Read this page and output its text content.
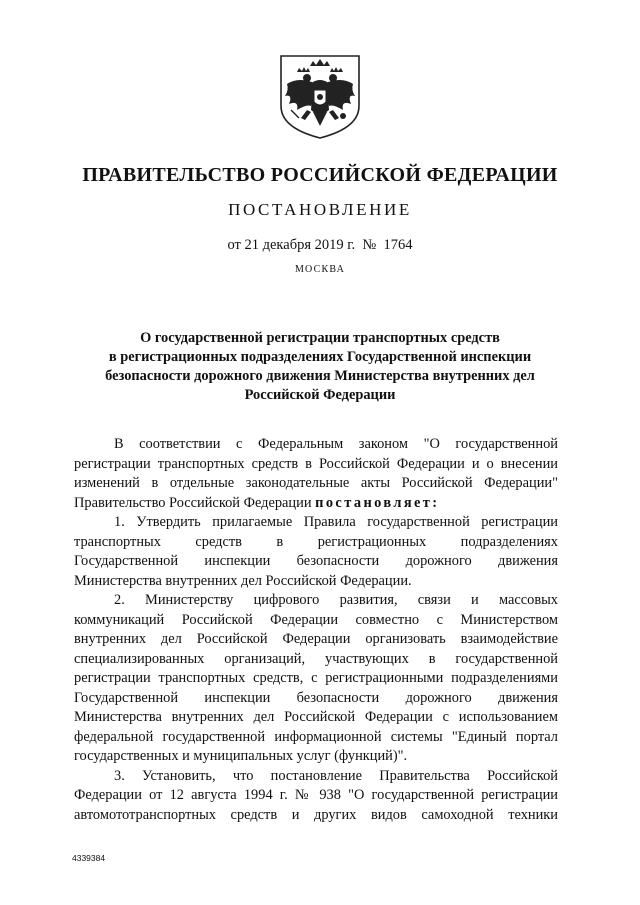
ПРАВИТЕЛЬСТВО РОССИЙСКОЙ ФЕДЕРАЦИИ
ПОСТАНОВЛЕНИЕ
от 21 декабря 2019 г.  №  1764
МОСКВА
О государственной регистрации транспортных средств
в регистрационных подразделениях Государственной инспекции
безопасности дорожного движения Министерства внутренних дел
Российской Федерации
В соответствии с Федеральным законом "О государственной
регистрации транспортных средств в Российской Федерации и о внесении
изменений в отдельные законодательные акты Российской Федерации"
Правительство Российской Федерации постановляет:
1. Утвердить прилагаемые Правила государственной регистрации
транспортных средств в регистрационных подразделениях
Государственной инспекции безопасности дорожного движения
Министерства внутренних дел Российской Федерации.
2. Министерству цифрового развития, связи и массовых
коммуникаций Российской Федерации совместно с Министерством
внутренних дел Российской Федерации организовать взаимодействие
специализированных организаций, участвующих в государственной
регистрации транспортных средств, с регистрационными подразделениями
Государственной инспекции безопасности дорожного движения
Министерства внутренних дел Российской Федерации с использованием
федеральной государственной информационной системы "Единый портал
государственных и муниципальных услуг (функций)".
3. Установить, что постановление Правительства Российской
Федерации от 12 августа 1994 г. № 938 "О государственной регистрации
автомототранспортных средств и других видов самоходной техники
4339384
